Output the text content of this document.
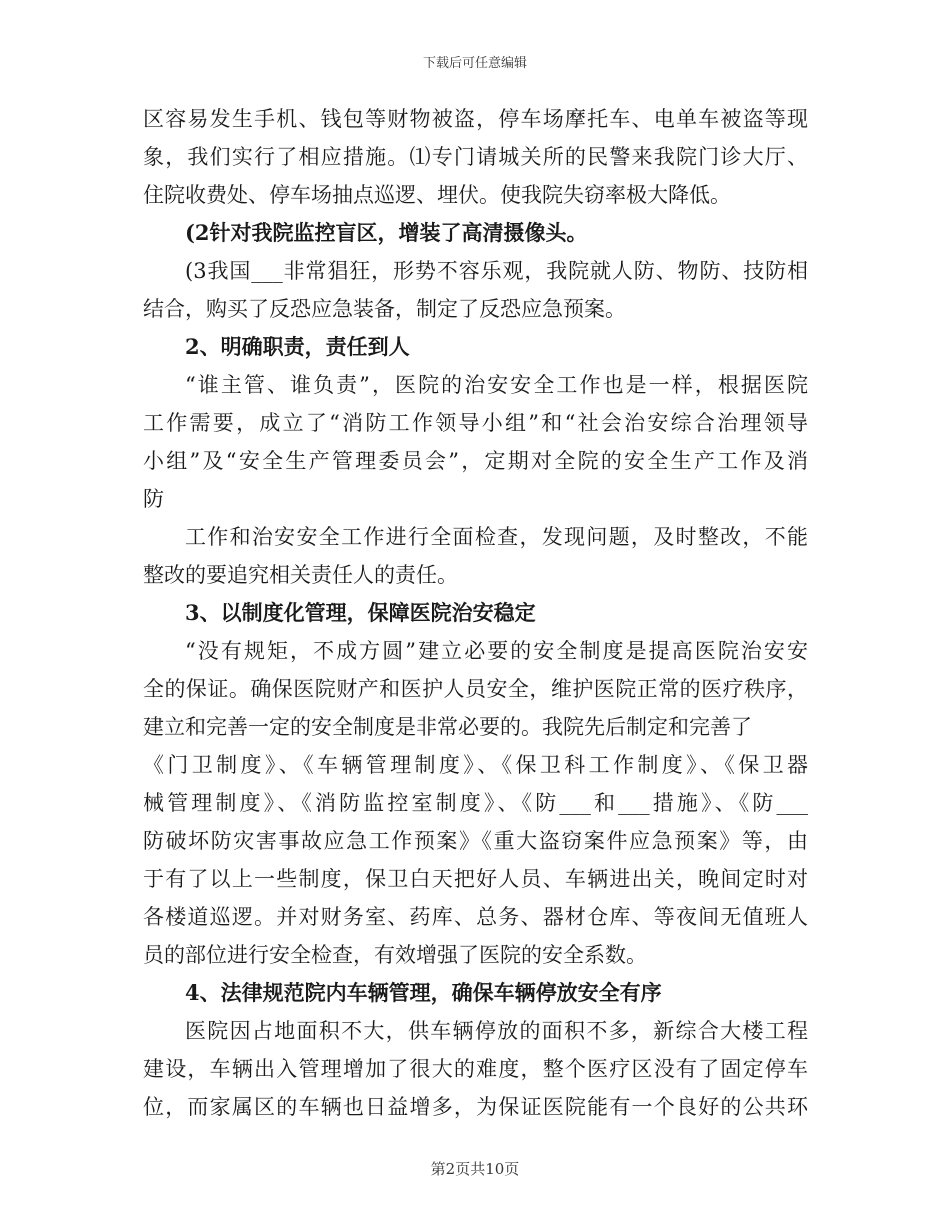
下载后可任意编辑
区容易发生手机、钱包等财物被盗，停车场摩托车、电单车被盗等现
象，我们实行了相应措施。⑴专门请城关所的民警来我院门诊大厅、
住院收费处、停车场抽点巡逻、埋伏。使我院失窃率极大降低。
(2针对我院监控盲区，增装了高清摄像头。
(3我国___非常猖狂，形势不容乐观，我院就人防、物防、技防相
结合，购买了反恐应急装备，制定了反恐应急预案。
2、明确职责，责任到人
“谁主管、谁负责”，医院的治安安全工作也是一样，根据医院
工作需要，成立了“消防工作领导小组”和“社会治安综合治理领导
小组”及“安全生产管理委员会”，定期对全院的安全生产工作及消
防
工作和治安安全工作进行全面检查，发现问题，及时整改，不能
整改的要追究相关责任人的责任。
3、以制度化管理，保障医院治安稳定
“没有规矩，不成方圆”建立必要的安全制度是提高医院治安安
全的保证。确保医院财产和医护人员安全，维护医院正常的医疗秩序，
建立和完善一定的安全制度是非常必要的。我院先后制定和完善了
《门卫制度》、《车辆管理制度》、《保卫科工作制度》、《保卫器
械管理制度》、《消防监控室制度》、《防___和___措施》、《防___
防破坏防灾害事故应急工作预案》《重大盗窃案件应急预案》等，由
于有了以上一些制度，保卫白天把好人员、车辆进出关，晚间定时对
各楼道巡逻。并对财务室、药库、总务、器材仓库、等夜间无值班人
员的部位进行安全检查，有效增强了医院的安全系数。
4、法律规范院内车辆管理，确保车辆停放安全有序
医院因占地面积不大，供车辆停放的面积不多，新综合大楼工程
建设，车辆出入管理增加了很大的难度，整个医疗区没有了固定停车
位，而家属区的车辆也日益增多，为保证医院能有一个良好的公共环
第2页共10页
